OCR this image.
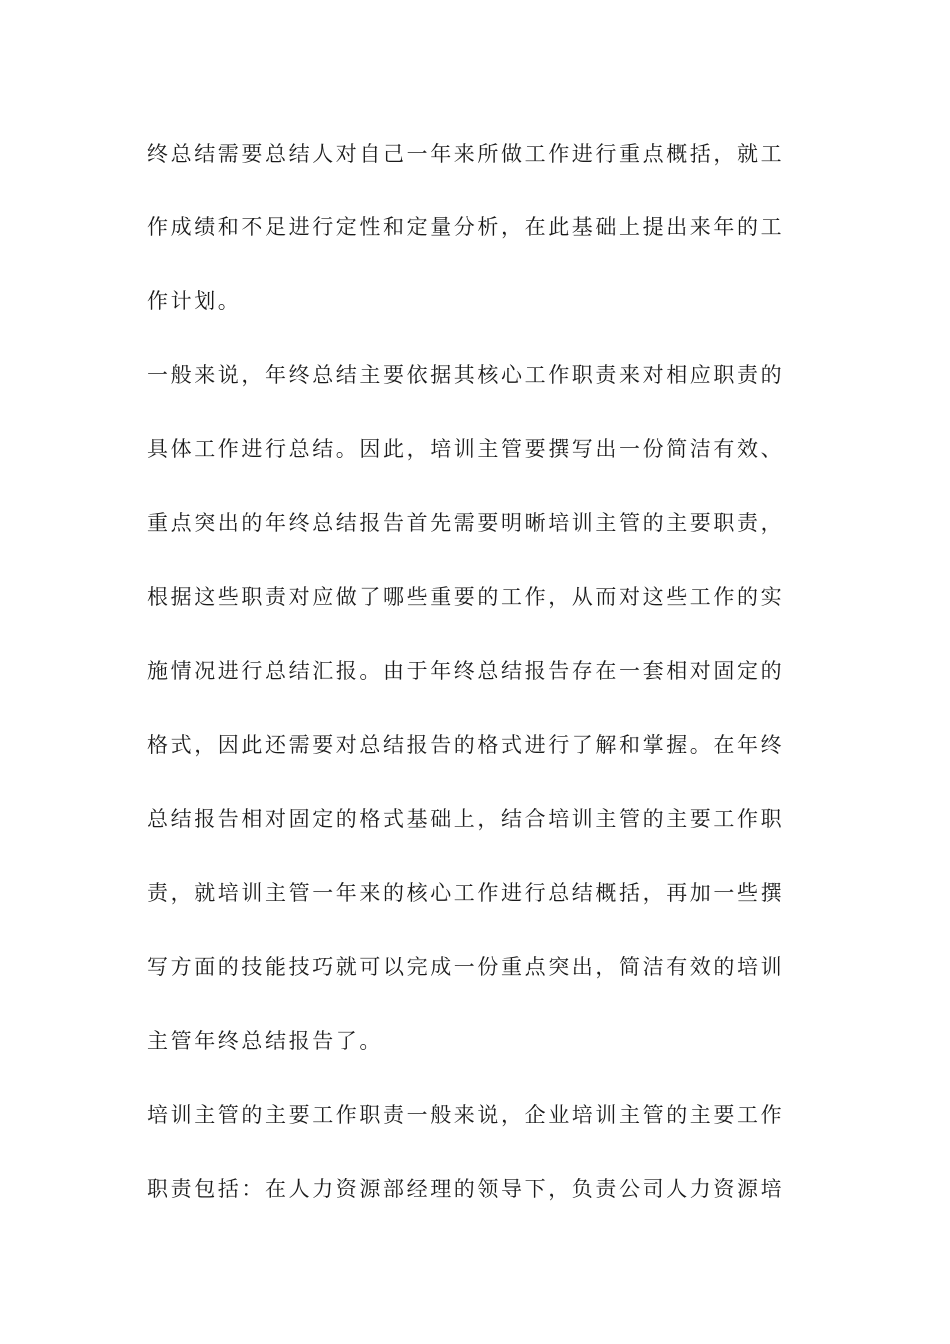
终总结需要总结人对自己一年来所做工作进行重点概括，就工
作成绩和不足进行定性和定量分析，在此基础上提出来年的工
作计划。
一般来说，年终总结主要依据其核心工作职责来对相应职责的
具体工作进行总结。因此，培训主管要撰写出一份简洁有效、
重点突出的年终总结报告首先需要明晰培训主管的主要职责，
根据这些职责对应做了哪些重要的工作，从而对这些工作的实
施情况进行总结汇报。由于年终总结报告存在一套相对固定的
格式，因此还需要对总结报告的格式进行了解和掌握。在年终
总结报告相对固定的格式基础上，结合培训主管的主要工作职
责，就培训主管一年来的核心工作进行总结概括，再加一些撰
写方面的技能技巧就可以完成一份重点突出，简洁有效的培训
主管年终总结报告了。
培训主管的主要工作职责一般来说，企业培训主管的主要工作
职责包括：在人力资源部经理的领导下，负责公司人力资源培
